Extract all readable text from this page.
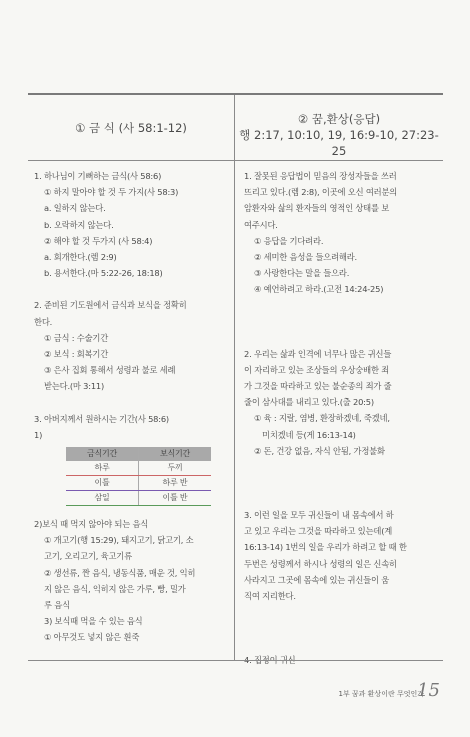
① 금 식 (사 58:1-12)
② 꿈,환상(응답)
행 2:17, 10:10, 19, 16:9-10, 27:23-25

1. 하나님이 기뻐하는 금식(사 58:6)

① 하지 말아야 할 것 두 가지(사 58:3)

a. 일하지 않는다.

b. 오락하지 않는다.

② 해야 할 것 두가지 (사 58:4)

a. 회개한다.(렘 2:9)

b. 용서한다.(마 5:22-26, 18:18)

2. 준비된 기도원에서 금식과 보식을 정확히

한다.

① 금식 : 수술기간

② 보식 : 회복기간

③ 은사 집회 통해서 성령과 불로 세례

받는다.(마 3:11)

3. 아버지께서 원하시는 기간(사 58:6)

1)

금식기간	보식기간
하루	두끼
이틀	하루 반
삼일	이틀 반

2)보식 때 먹지 않아야 되는 음식

① 개고기(행 15:29), 돼지고기, 닭고기, 소

고기, 오리고기, 육고기류

② 생선류, 짠 음식, 냉동식품, 매운 것, 익히

지 않은 음식, 익히지 않은 가루, 빵, 밀가

루 음식

3) 보식때 먹을 수 있는 음식

① 아무것도 넣지 않은 흰죽

1. 잘못된 응답법이 믿음의 장성자들을 쓰러

뜨리고 있다.(렘 2:8), 이곳에 오신 여러분의

암환자와 삶의 환자들의 영적인 상태를 보

여주시다.

① 응답을 기다려라.

② 세미한 음성을 들으려해라.

③ 사랑한다는 말을 들으라.

④ 예언하려고 하라.(고전 14:24-25)

2. 우리는 삶과 인격에 너무나 많은 귀신들

이 자리하고 있는 조상들의 우상숭배한 죄

가 그것을 따라하고 있는 불순종의 죄가 줄

줄이 삼사대를 내리고 있다.(출 20:5)

① 육 : 지랄, 염병, 환장하겠네, 죽겠네,

미치겠네 등(게 16:13-14)

② 돈, 건강 없음, 자식 안됨, 가정불화

3. 이런 일을 모두 귀신들이 내 몸속에서 하

고 있고 우리는 그것을 따라하고 있는데(계

16:13-14) 1번의 일을 우리가 하려고 할 때 한

두번은 성령께서 하시나 성령의 일은 신속히

사라지고 그곳에 몸속에 있는 귀신들이 움

직여 지리한다.

1부 꿈과 환상이란 무엇인가
15
